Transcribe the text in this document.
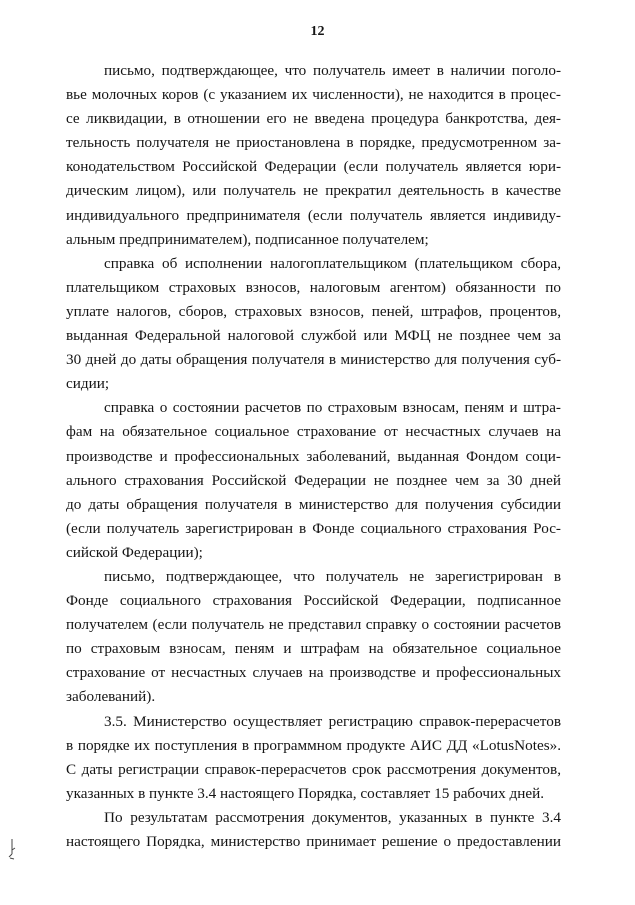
12

письмо, подтверждающее, что получатель имеет в наличии поголо-
вье молочных коров (с указанием их численности), не находится в процес-
се ликвидации, в отношении его не введена процедура банкротства, дея-
тельность получателя не приостановлена в порядке, предусмотренном за-
конодательством Российской Федерации (если получатель является юри-
дическим лицом), или получатель не прекратил деятельность в качестве
индивидуального предпринимателя (если получатель является индивиду-
альным предпринимателем), подписанное получателем;

справка об исполнении налогоплательщиком (плательщиком сбора,
плательщиком страховых взносов, налоговым агентом) обязанности по
уплате налогов, сборов, страховых взносов, пеней, штрафов, процентов,
выданная Федеральной налоговой службой или МФЦ не позднее чем за
30 дней до даты обращения получателя в министерство для получения суб-
сидии;

справка о состоянии расчетов по страховым взносам, пеням и штра-
фам на обязательное социальное страхование от несчастных случаев на
производстве и профессиональных заболеваний, выданная Фондом соци-
ального страхования Российской Федерации не позднее чем за 30 дней
до даты обращения получателя в министерство для получения субсидии
(если получатель зарегистрирован в Фонде социального страхования Рос-
сийской Федерации);

письмо, подтверждающее, что получатель не зарегистрирован в
Фонде социального страхования Российской Федерации, подписанное
получателем (если получатель не представил справку о состоянии расчетов
по страховым взносам, пеням и штрафам на обязательное социальное
страхование от несчастных случаев на производстве и профессиональных
заболеваний).

3.5. Министерство осуществляет регистрацию справок-перерасчетов
в порядке их поступления в программном продукте АИС ДД «LotusNotes».
С даты регистрации справок-перерасчетов срок рассмотрения документов,
указанных в пункте 3.4 настоящего Порядка, составляет 15 рабочих дней.

По результатам рассмотрения документов, указанных в пункте 3.4
настоящего Порядка, министерство принимает решение о предоставлении
